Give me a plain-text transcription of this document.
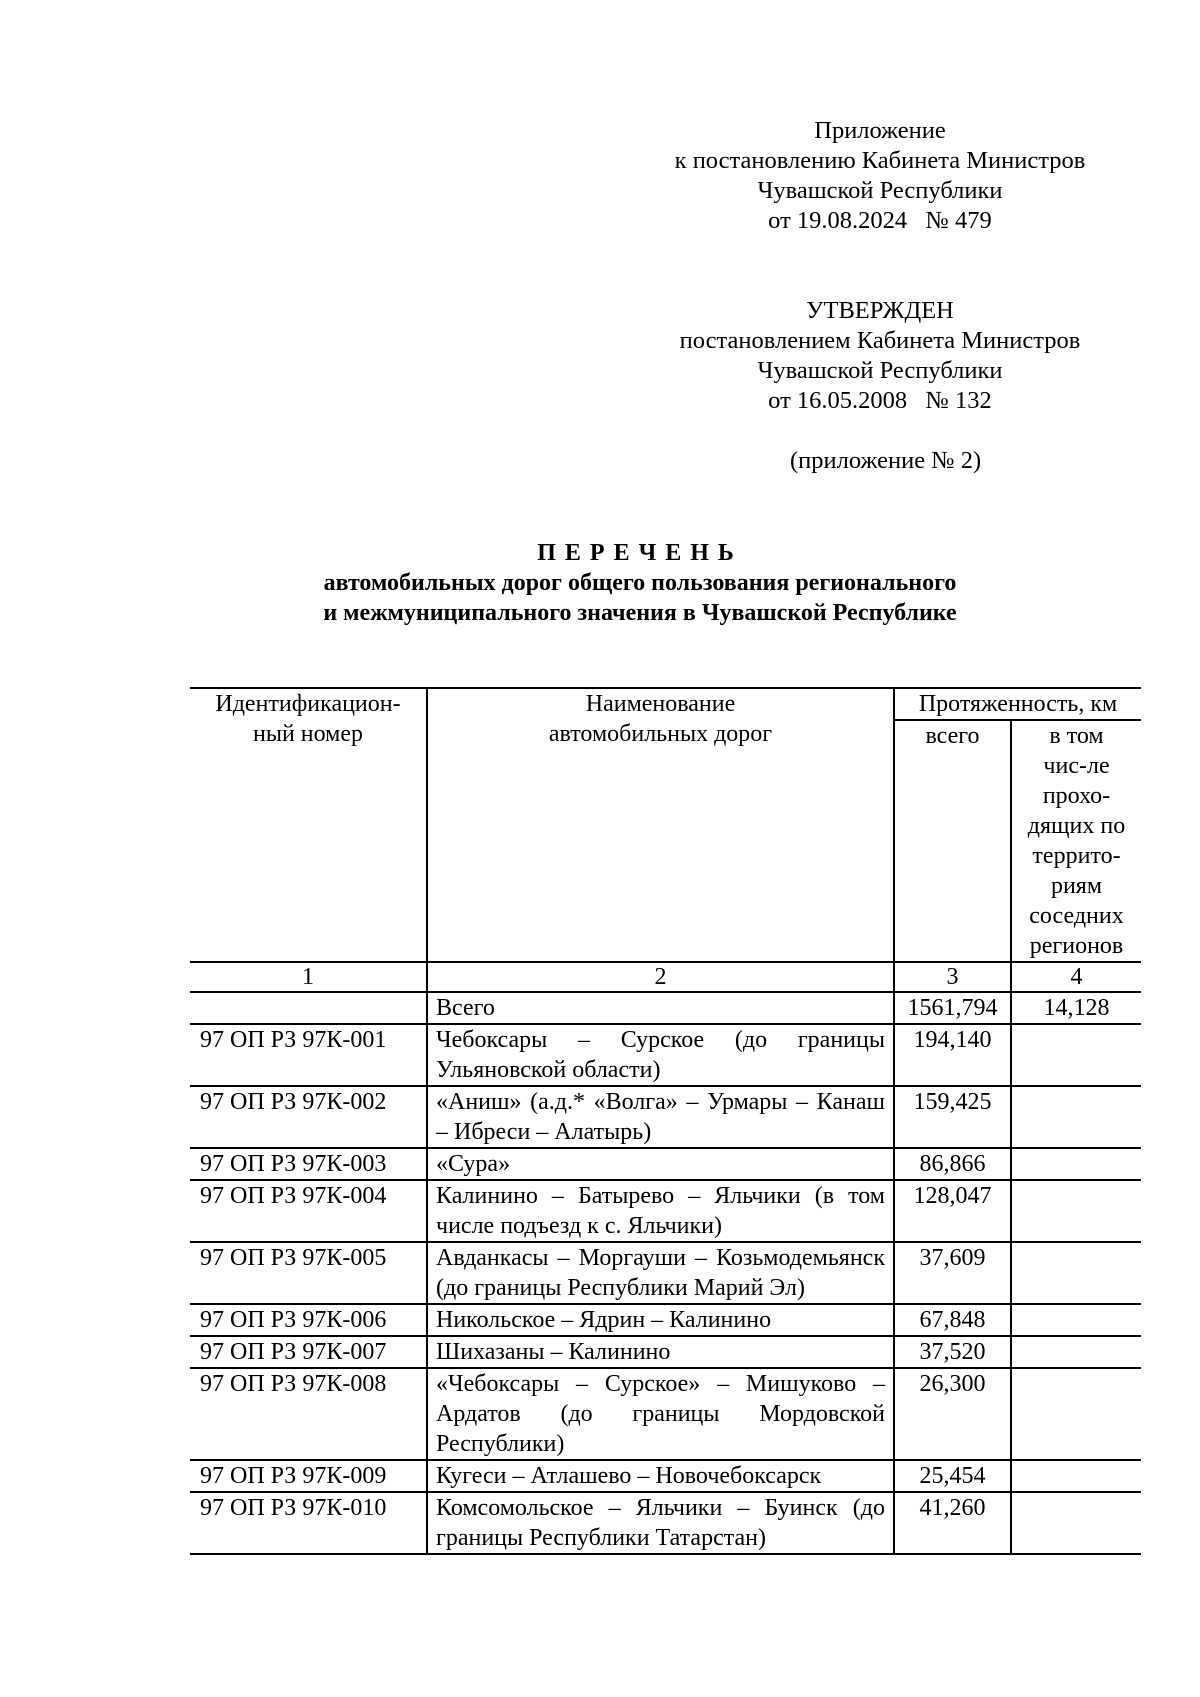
Приложение
к постановлению Кабинета Министров
Чувашской Республики
от 19.08.2024   № 479
УТВЕРЖДЕН
постановлением Кабинета Министров
Чувашской Республики
от 16.05.2008   № 132
(приложение № 2)
ПЕРЕЧЕНЬ
автомобильных дорог общего пользования регионального
и межмуниципального значения в Чувашской Республике
Идентификацион-ный номер	Наименование автомобильных дорог	Протяженность, км	
		всего	в том чис-ле прохо-дящих по террито-риям соседних регионов
1	2	3	4
	Всего	1561,794	14,128
97 ОП РЗ 97К-001	Чебоксары – Сурское (до границы Ульяновской области)	194,140	
97 ОП РЗ 97К-002	«Аниш» (а.д.* «Волга» – Урмары – Канаш – Ибреси – Алатырь)	159,425	
97 ОП РЗ 97К-003	«Сура»	86,866	
97 ОП РЗ 97К-004	Калинино – Батырево – Яльчики (в том числе подъезд к с. Яльчики)	128,047	
97 ОП РЗ 97К-005	Авданкасы – Моргауши – Козьмодемьянск (до границы Республики Марий Эл)	37,609	
97 ОП РЗ 97К-006	Никольское – Ядрин – Калинино	67,848	
97 ОП РЗ 97К-007	Шихазаны – Калинино	37,520	
97 ОП РЗ 97К-008	«Чебоксары – Сурское» – Мишуково – Ардатов (до границы Мордовской Республики)	26,300	
97 ОП РЗ 97К-009	Кугеси – Атлашево – Новочебоксарск	25,454	
97 ОП РЗ 97К-010	Комсомольское – Яльчики – Буинск (до границы Республики Татарстан)	41,260	
